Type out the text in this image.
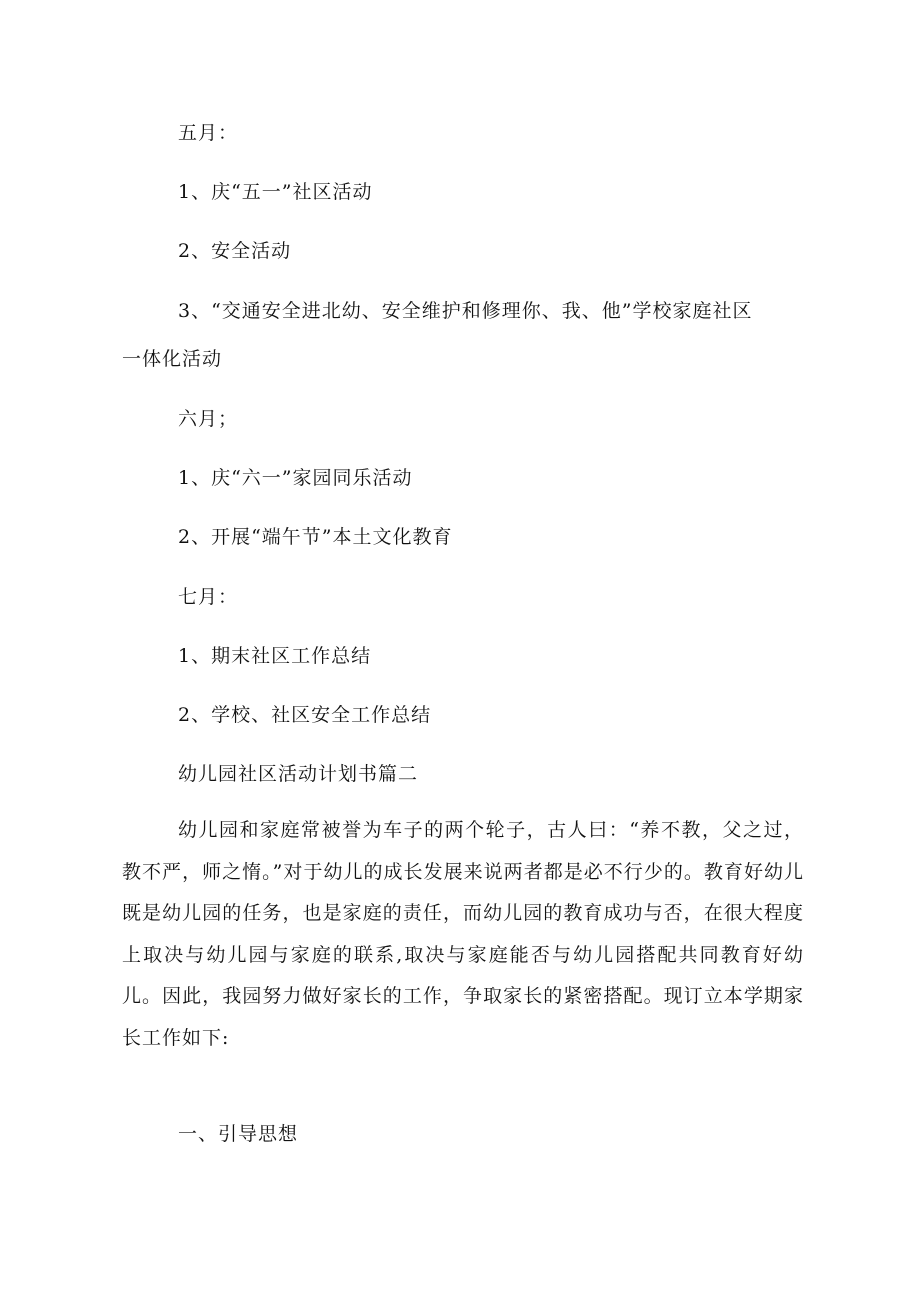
五月：
1、庆“五一”社区活动
2、安全活动
3、“交通安全进北幼、安全维护和修理你、我、他”学校家庭社区
一体化活动
六月；
1、庆“六一”家园同乐活动
2、开展“端午节”本土文化教育
七月：
1、期末社区工作总结
2、学校、社区安全工作总结
幼儿园社区活动计划书篇二

幼儿园和家庭常被誉为车子的两个轮子，古人曰：“养不教，父之过，教不严，师之惰。”对于幼儿的成长发展来说两者都是必不行少的。教育好幼儿既是幼儿园的任务，也是家庭的责任，而幼儿园的教育成功与否，在很大程度上取决与幼儿园与家庭的联系,取决与家庭能否与幼儿园搭配共同教育好幼儿。因此，我园努力做好家长的工作，争取家长的紧密搭配。现订立本学期家长工作如下:

一、引导思想
